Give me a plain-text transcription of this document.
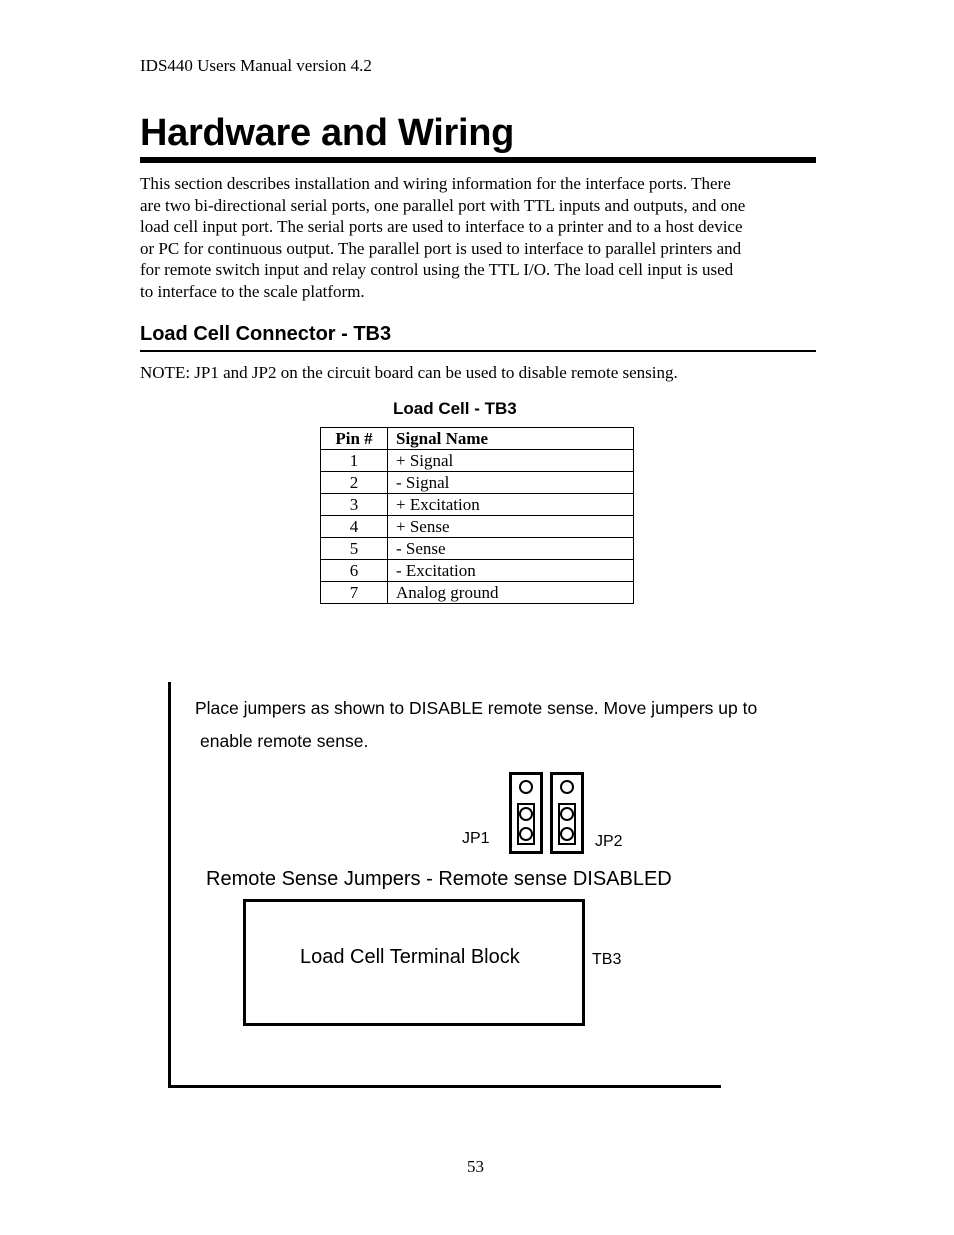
IDS440 Users Manual version 4.2
Hardware and Wiring
This section describes installation and wiring information for the interface ports. There
are two bi-directional serial ports, one parallel port with TTL inputs and outputs, and one
load cell input port. The serial ports are used to interface to a printer and to a host device
or PC for continuous output. The parallel port is used to interface to parallel printers and
for remote switch input and relay control using the TTL I/O. The load cell input is used
to interface to the scale platform.
Load Cell Connector - TB3
NOTE: JP1 and JP2 on the circuit board can be used to disable remote sensing.
Load Cell - TB3
Pin #	Signal Name
1	+ Signal
2	- Signal
3	+ Excitation
4	+ Sense
5	- Sense
6	- Excitation
7	Analog ground
Place jumpers as shown to DISABLE remote sense. Move jumpers up to
enable remote sense.
JP1	JP2
Remote Sense Jumpers - Remote sense DISABLED
Load Cell Terminal Block	TB3
53
